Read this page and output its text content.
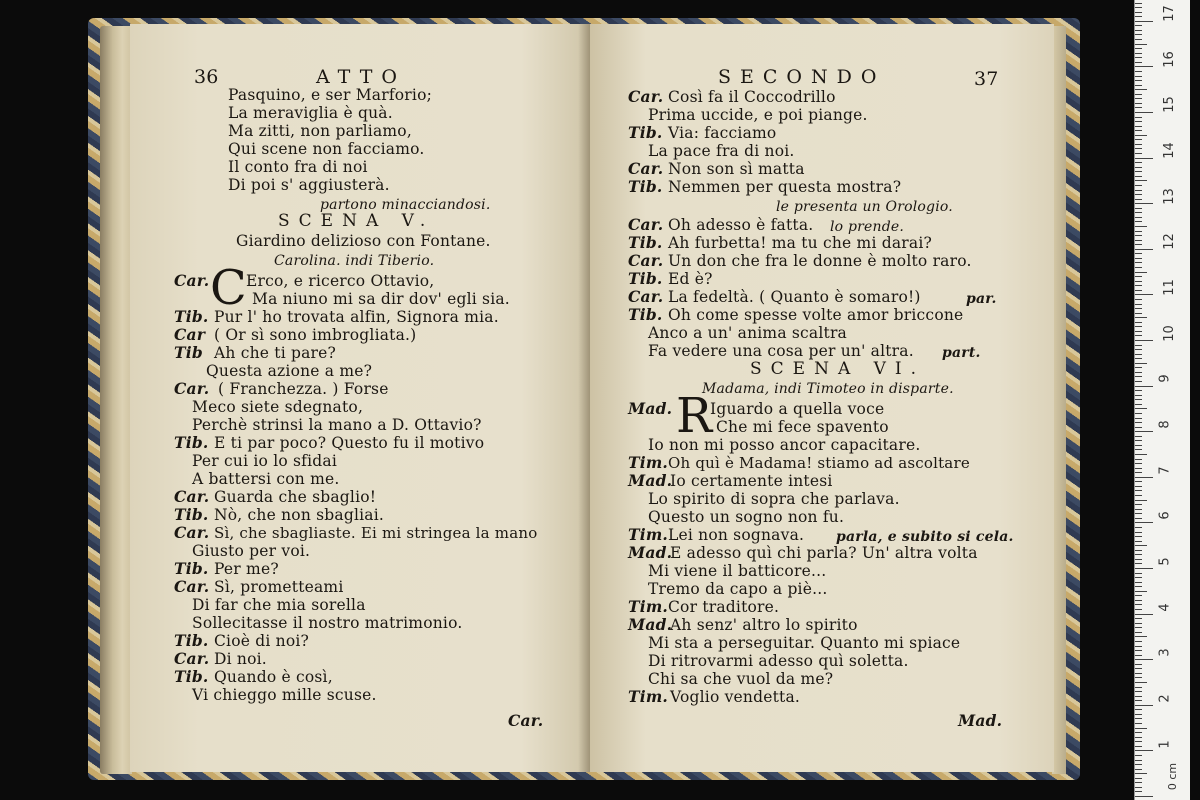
36	ATTO
Pasquino, e ser Marforio;
La meraviglia è quà.
Ma zitti, non parliamo,
Qui scene non facciamo.
Il conto fra di noi
Di poi s' aggiusterà.
partono minacciandosi.
SCENA V.
Giardino delizioso con Fontane.
Carolina. indi Tiberio.
C
Car. Erco, e ricerco Ottavio,
Ma niuno mi sa dir dov' egli sia.
Tib. Pur l' ho trovata alfin, Signora mia.
Car ( Or sì sono imbrogliata.)
Tib Ah che ti pare?
Questa azione a me?
Car. ( Franchezza. ) Forse
Meco siete sdegnato,
Perchè strinsi la mano a D. Ottavio?
Tib. E ti par poco? Questo fu il motivo
Per cui io lo sfidai
A battersi con me.
Car. Guarda che sbaglio!
Tib. Nò, che non sbagliai.
Car. Sì, che sbagliaste. Ei mi stringea la mano
Giusto per voi.
Tib. Per me?
Car. Sì, prometteami
Di far che mia sorella
Sollecitasse il nostro matrimonio.
Tib. Cioè di noi?
Car. Di noi.
Tib. Quando è così,
Vi chieggo mille scuse.
Car.
SECONDO	37
Car. Così fa il Coccodrillo
Prima uccide, e poi piange.
Tib. Via: facciamo
La pace fra di noi.
Car. Non son sì matta
Tib. Nemmen per questa mostra?
le presenta un Orologio.
Car. Oh adesso è fatta. lo prende.
Tib. Ah furbetta! ma tu che mi darai?
Car. Un don che fra le donne è molto raro.
Tib. Ed è?
Car. La fedeltà. ( Quanto è somaro!)	par.
Tib. Oh come spesse volte amor briccone
Anco a un' anima scaltra
Fa vedere una cosa per un' altra. part.
SCENA VI.
Madama, indi Timoteo in disparte.
Mad. R
Iguardo a quella voce
Che mi fece spavento
Io non mi posso ancor capacitare.
Tim. Oh quì è Madama! stiamo ad ascoltare
Mad.
Io certamente intesi
Lo spirito di sopra che parlava.
Questo un sogno non fu.
Tim. Lei non sognava. parla, e subito si cela.
Mad.
E adesso quì chi parla? Un' altra volta
Mi viene il batticore...
Tremo da capo a piè...
Tim. Cor traditore.
Mad.
Ah senz' altro lo spirito
Mi sta a perseguitar. Quanto mi spiace
Di ritrovarmi adesso quì soletta.
Chi sa che vuol da me?
Tim. Voglio vendetta.
Mad.
17
16
15
14
13
12
11
10
9
8
7
6
5
4
3
2
1
0 cm
